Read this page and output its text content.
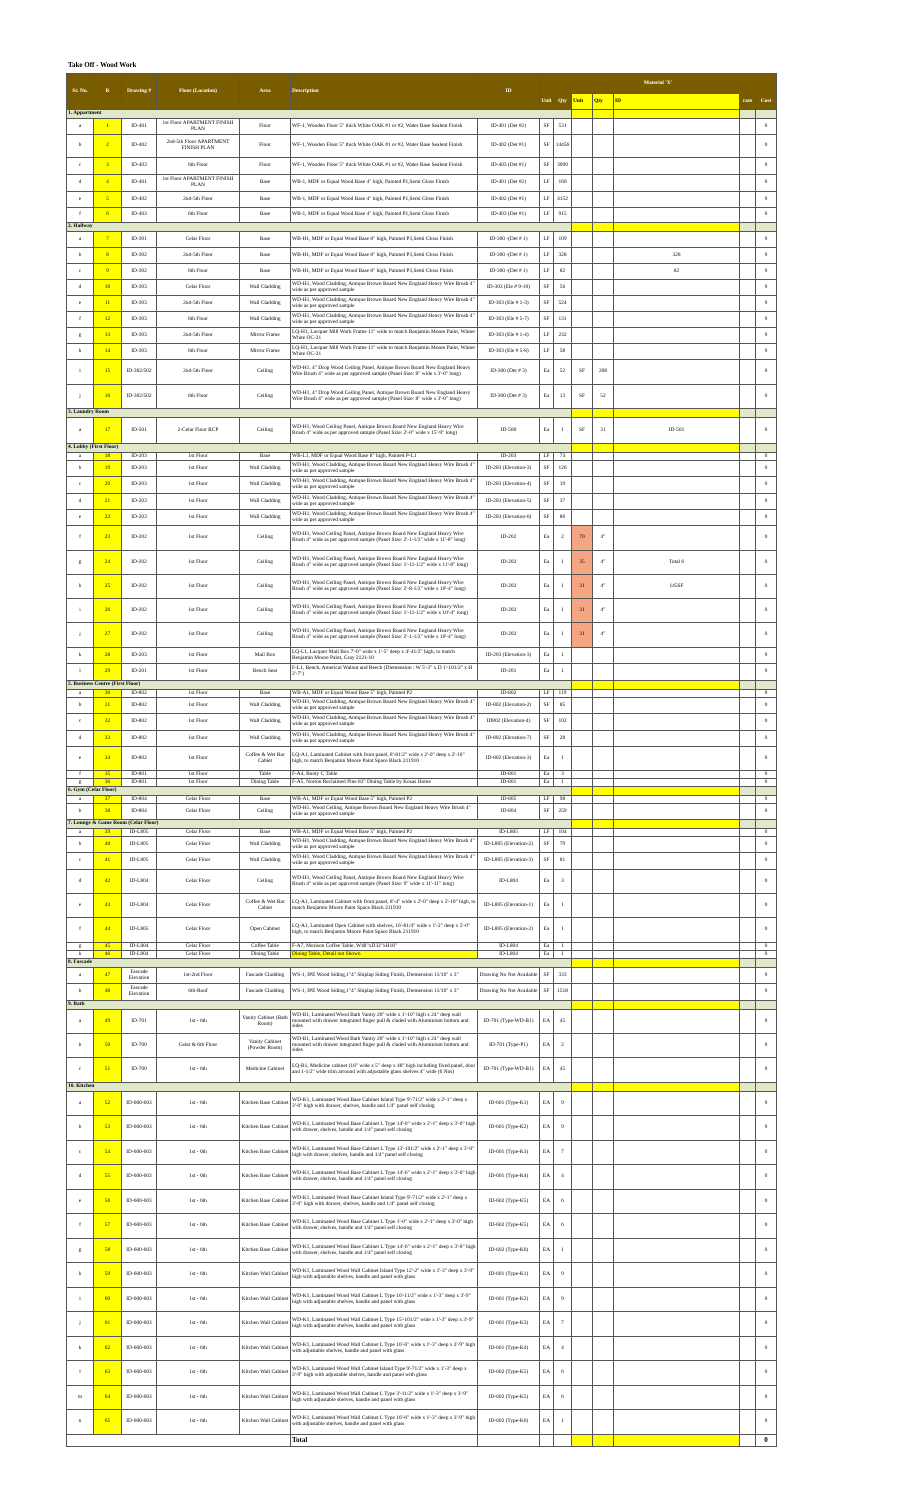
Take Off - Wood Work
Sr. No.	R	Drawing #	Floor (Location)	Area	Description	ID	Material 'X'						
							Unit	Qty	Unit	Qty	ID	rate	Cost
1. Appartment													
a	1	ID-401	1st Floor APARTMENT FINISH PLAN	Floor	WF-1, Wooden Floor 5" thick White OAK #1 or #2, Water Base Sealent Finish	ID-401 (Det #2)	SF	531					0
b	2	ID-402	2nd-5th Floor APARTMENT FINISH PLAN	Floor	WF-1, Wooden Floor 5" thick White OAK #1 or #2, Water Base Sealent Finish	ID-402 (Det #1)	SF	14456					0
c	3	ID-403	6th Floor	Floor	WF-1, Wooden Floor 5" thick White OAK #1 or #2, Water Base Sealent Finish	ID-403 (Det #1)	SF	3090					0
d	4	ID-401	1st Floor APARTMENT FINISH PLAN	Base	WB-1, MDF or Equal Wood Base 4" high, Painted P1,Semi Gloss Finish	ID-401 (Det #2)	LF	160					0
e	5	ID-402	2nd-5th Floor	Base	WB-1, MDF or Equal Wood Base 4" high, Painted P1,Semi Gloss Finish	ID-402 (Det #1)	LF	4152					0
f	6	ID-403	6th Floor	Base	WB-1, MDF or Equal Wood Base 4" high, Painted P1,Semi Gloss Finish	ID-403 (Det #1)	LF	915					0
2. Hallway													
a	7	ID-301	Celar Floor	Base	WB-H1, MDF or Equal Wood Base 8" high, Painted P3,Semi Gloss Finish	ID-300 -(Det # 1)	LF	109					0
b	8	ID-302	2nd-5th Floor	Base	WB-H1, MDF or Equal Wood Base 8" high, Painted P3,Semi Gloss Finish	ID-300 -(Det # 1)	LF	328			328		0
c	9	ID-302	6th Floor	Base	WB-H1, MDF or Equal Wood Base 8" high, Painted P3,Semi Gloss Finish	ID-300 -(Det # 1)	LF	82			82		0
d	10	ID-303	Celar Floor	Wall Cladding	WD-H1, Wood Cladding, Antique Brown Board New England Heavy Wire Brush 4" wide as per approved sample	ID-303 (Ele # 9-10)	SF	56					0
e	11	ID-303	2nd-5th Floor	Wall Cladding	WD-H1, Wood Cladding, Antique Brown Board New England Heavy Wire Brush 4" wide as per approved sample	ID-303 (Ele # 1-3)	SF	524					0
f	12	ID-303	6th Floor	Wall Cladding	WD-H1, Wood Cladding, Antique Brown Board New England Heavy Wire Brush 4" wide as per approved sample	ID-303 (Ele # 5-7)	SF	131					0
g	13	ID-303	2nd-5th Floor	Mirror Frame	LQ-H1, Lacquer Mill Work Frame 11" wide to match Benjamin Moore Paint, Winter White OC-21	ID-303 (Ele # 1-4)	LF	232					0
h	14	ID-303	6th Floor	Mirror Frame	LQ-H1, Lacquer Mill Work Frame 11" wide to match Benjamin Moore Paint, Winter White OC-21	ID-303 (Ele # 5-8)	LF	58					0
i	15	ID-302/502	2nd-5th Floor	Ceiling	WD-H1, 4" Drop Wood Ceiling Panel, Antique Brown Board New England Heavy Wire Brush 4" wide as per approved sample (Panel Size: 8" wide x 3'-0" long)	ID-300 (Det # 3)	Ea	52	SF	208			0
j	16	ID-302/502	6th Floor	Ceiling	WD-H1, 4" Drop Wood Ceiling Panel, Antique Brown Board New England Heavy Wire Brush 4" wide as per approved sample (Panel Size: 8" wide x 3'-0" long)	ID-300 (Det # 3)	Ea	13	SF	52			0
3. Laundry Room													
a	17	ID-501	2-Celar Floor RCP	Ceiling	WD-H1, Wood Ceiling Panel, Antique Brown Board New England Heavy Wire Brush 4" wide as per approved sample (Panel Size: 2'-0" wide x 15'-9" long)	ID-500	Ea	1	SF	31	ID-501		0
4. Lobby (First Floor)													
a	18	ID-203	1st Floor	Base	WB-L1, MDF or Equal Wood Base 8" high, Painted P-L1	ID-203	LF	74					0
b	19	ID-203	1st Floor	Wall Cladding	WD-H1, Wood Cladding, Antique Brown Board New England Heavy Wire Brush 4" wide as per approved sample	ID-203 (Elevation-3)	SF	126					0
c	20	ID-203	1st Floor	Wall Cladding	WD-H1, Wood Cladding, Antique Brown Board New England Heavy Wire Brush 4" wide as per approved sample	ID-203 (Elevation-4)	SF	19					0
d	21	ID-203	1st Floor	Wall Cladding	WD-H1, Wood Cladding, Antique Brown Board New England Heavy Wire Brush 4" wide as per approved sample	ID-203 (Elevation-5)	SF	37					0
e	22	ID-203	1st Floor	Wall Cladding	WD-H1, Wood Cladding, Antique Brown Board New England Heavy Wire Brush 4" wide as per approved sample	ID-203 (Elevation-6)	SF	86					0
f	23	ID-202	1st Floor	Ceiling	WD-H1, Wood Ceiling Panel, Antique Brown Board New England Heavy Wire Brush 4" wide as per approved sample (Panel Size: 2'-1-1/2" wide x 11'-8" long)	ID-202	Ea	2	70	4"			0
g	24	ID-202	1st Floor	Ceiling	WD-H1, Wood Ceiling Panel, Antique Brown Board New England Heavy Wire Brush 4" wide as per approved sample (Panel Size: 1'-11-1/2" wide x 11'-8" long)	ID-202	Ea	1	35	4"	Total 6		0
h	25	ID-202	1st Floor	Ceiling	WD-H1, Wood Ceiling Panel, Antique Brown Board New England Heavy Wire Brush 4" wide as per approved sample (Panel Size: 2'-8-1/2" wide x 10'-4" long)	ID-202	Ea	1	31	4"	145SF		0
i	26	ID-202	1st Floor	Ceiling	WD-H1, Wood Ceiling Panel, Antique Brown Board New England Heavy Wire Brush 4" wide as per approved sample (Panel Size: 1'-11-1/2" wide x 10'-4" long)	ID-202	Ea	1	31	4"			0
j	27	ID-202	1st Floor	Ceiling	WD-H1, Wood Ceiling Panel, Antique Brown Board New England Heavy Wire Brush 4" wide as per approved sample (Panel Size: 2'-1-1/2" wide x 10'-4" long)	ID-202	Ea	1	31	4"			0
k	28	ID-203	1st Floor	Mail Box	LQ-L1, Lacquer Mail Box 7'-0" wide x 1'-5" deep x 4'-41/2" high, to match Benjamin Moore Paint, Gray 2121-10	ID-203 (Elevation-3)	Ea	1					0
l	29	ID-201	1st Floor	Bench Seat	F-L1, Bench, Americal Walnut and Beech (Diemension : W 5'-3" x D 1'-101/2" x H 2'-7")	ID-201	Ea	1					0
5. Business Centre (First Floor)													
a	30	ID-802	1st Floor	Base	WB-A1, MDF or Equal Wood Base 5" high, Painted P2	ID-802	LF	119					0
b	31	ID-802	1st Floor	Wall Cladding	WD-H1, Wood Cladding, Antique Brown Board New England Heavy Wire Brush 4" wide as per approved sample	ID-802 (Elevation-2)	SF	85					0
c	32	ID-802	1st Floor	Wall Cladding	WD-H1, Wood Cladding, Antique Brown Board New England Heavy Wire Brush 4" wide as per approved sample	ID802 (Elevation-4)	SF	102					0
d	33	ID-802	1st Floor	Wall Cladding	WD-H1, Wood Cladding, Antique Brown Board New England Heavy Wire Brush 4" wide as per approved sample	ID-802 (Elevation-7)	SF	28					0
e	34	ID-802	1st Floor	Coffee & Wet Bar Cabiet	LQ-A1, Laminated Cabinet with front panel, 8'-81/2" wide x 2'-0" deep x 2'-10" high, to match Benjamin Moore Paint Space Black 211910	ID-802 (Elevation-3)	Ea	1					0
f	35	ID-801	1st Floor	Table	F-A4, Bunty C Table	ID-801	Ea	3					0
g	36	ID-801	1st Floor	Dining Table	F-A5, Norton Reclaimed Pine 83" Dining Table by Kosas Home	ID-801	Ea	1					0
6. Gym (Celar Floor)													
a	37	ID-804	Celar Floor	Base	WB-A1, MDF or Equal Wood Base 5" high, Painted P2	ID-805	LF	98					0
b	38	ID-804	Celar Floor	Ceiling	WD-H1, Wood Ceiling, Antique Brown Board New England Heavy Wire Brush 4" wide as per approved sample	ID-804	SF	259					0
7. Lounge & Game Room (Celar Floor)													
a	39	ID-L805	Celar Floor	Base	WB-A1, MDF or Equal Wood Base 5" high, Painted P2	ID-L805	LF	104					0
b	40	ID-L805	Celar Floor	Wall Cladding	WD-H1, Wood Cladding, Antique Brown Board New England Heavy Wire Brush 4" wide as per approved sample	ID-L805 (Elevation-2)	SF	79					0
c	41	ID-L805	Celar Floor	Wall Cladding	WD-H1, Wood Cladding, Antique Brown Board New England Heavy Wire Brush 4" wide as per approved sample	ID-L805 (Elevation-3)	SF	81					0
d	42	ID-L804	Celar Floor	Ceiling	WD-H1, Wood Ceiling Panel, Antique Brown Board New England Heavy Wire Brush 4" wide as per approved sample (Panel Size: 9" wide x 11'-11" long)	ID-L804	Ea	3					0
e	43	ID-L804	Celar Floor	Coffee & Wet Bar Cabiet	LQ-A1, Laminated Cabinet with front panel, 8'-4" wide x 2'-0" deep x 2'-10" high, to match Benjamin Moore Paint Space Black 211910	ID-L805 (Elevation-1)	Ea	1					0
f	44	ID-L805	Celar Floor	Open Cabinet	LQ-A1, Laminated Open Cabinet with shelves, 16'-81/4" wide x 1'-2" deep x 5'-0" high, to match Benjamin Moore Paint Space Black 211910	ID-L805 (Elevation-2)	Ea	1					0
g	45	ID-L804	Celar Floor	Coffee Table	F-A7, Morison Coffee Table, W48"xD32"xH18"	ID-L804	Ea	1					0
h	46	ID-L804	Celar Floor	Dining Table	Dining Table, Detail not Shown	ID-L804	Ea	1					0
8. Fascade													
a	47	Fascade Elevation	1st-2nd Floor	Fascade Cladding	WS-1, IPE Wood Siding,1"4" Shiplap Siding Finish, Diemension 11/16" x 3"	Drawing No Not Available	SF	333					0
b	48	Fascade Elevation	6th-Roof	Fascade Cladding	WS-1, IPE Wood Siding,1"4" Shiplap Siding Finish, Diemension 11/16" x 3"	Drawing No Not Available	SF	1518					0
9. Bath													
a	49	ID-701	1st - 6th	Vanity Cabinet (Bath Room)	WD-B1, Laminated Wood Bath Vanity 20" wide x 1'-10" high x 24" deep wall mounted with drawer integrated finger pull & claded with Aluminium bottom and sides	ID-701 (Type-WD-B1)	EA	45					0
b	50	ID-700	Celar & 6th Floor	Vanity Cabinet (Powder Room)	WD-B1, Laminated Wood Bath Vanity 20" wide x 1'-10" high x 24" deep wall mounted with drawer integrated finger pull & claded with Aluminium bottom and sides	ID-701 (Type-P1)	EA	2					0
c	51	ID-700	1st - 6th	Medicine Cabinet	LQ-B1, Medicine cabinet (18" wide x 5" deep x 48" high including fixed panel, door and 1-1/2" wide trim arround with adjustable glass shelves 4" wide (6 Nos)	ID-701 (Type-WD-B1)	EA	45					0
10. Kitchen													
a	52	ID-600-603	1st - 6th	Kitchen Base Cabinet	WD-K1, Laminated Wood Base Cabinet Island Type 9'-71/2" wide x 2'-1" deep x 3'-0" high with drawer, shelves, handle and 1/4" panel self closing	ID-601 (Type-K1)	EA	9					0
b	53	ID-600-603	1st - 6th	Kitchen Base Cabinet	WD-K1, Laminated Wood Base Cabinet L Type 14'-0" wide x 2'-1" deep x 3'-0" high with drawer, shelves, handle and 1/4" panel self closing	ID-601 (Type-K2)	EA	9					0
c	54	ID-600-603	1st - 6th	Kitchen Base Cabinet	WD-K1, Laminated Wood Base Cabinet L Type 13'-101/2" wide x 2'-1" deep x 3'-0" high with drawer, shelves, handle and 1/4" panel self closing	ID-601 (Type-K3)	EA	7					0
d	55	ID-600-603	1st - 6th	Kitchen Base Cabinet	WD-K1, Laminated Wood Base Cabinet L Type 14'-6" wide x 2'-1" deep x 3'-0" high with drawer, shelves, handle and 1/4" panel self closing	ID-601 (Type-K4)	EA	4					0
e	56	ID-600-603	1st - 6th	Kitchen Base Cabinet	WD-K1, Laminated Wood Base Cabinet Island Type 9'-71/2" wide x 2'-1" deep x 3'-0" high with drawer, shelves, handle and 1/4" panel self closing	ID-602 (Type-K5)	EA	6					0
f	57	ID-600-603	1st - 6th	Kitchen Base Cabinet	WD-K1, Laminated Wood Base Cabinet L Type 1'-0" wide x 2'-1" deep x 3'-0" high with drawer, shelves, handle and 1/4" panel self closing	ID-602 (Type-K5)	EA	6					0
g	58	ID-600-603	1st - 6th	Kitchen Base Cabinet	WD-K1, Laminated Wood Base Cabinet L Type 14'-6" wide x 2'-1" deep x 3'-0" high with drawer, shelves, handle and 1/4" panel self closing	ID-602 (Type-K6)	EA	1					0
h	59	ID-600-603	1st - 6th	Kitchen Wall Cabinet	WD-K1, Laminated Wood Wall Cabinet Island Type 12'-2" wide x 1'-3" deep x 3'-9" high with adjustable shelves, handle and panel with glass	ID-601 (Type-K1)	EA	9					0
i	60	ID-600-603	1st - 6th	Kitchen Wall Cabinet	WD-K1, Laminated Wood Wall Cabinet L Type 16'-11/2" wide x 1'-3" deep x 3'-9" high with adjustable shelves, handle and panel with glass	ID-601 (Type-K2)	EA	9					0
j	61	ID-600-603	1st - 6th	Kitchen Wall Cabinet	WD-K1, Laminated Wood Wall Cabinet L Type 15'-101/2" wide x 1'-3" deep x 3'-9" high with adjustable shelves, handle and panel with glass	ID-601 (Type-K3)	EA	7					0
k	62	ID-600-603	1st - 6th	Kitchen Wall Cabinet	WD-K1, Laminated Wood Wall Cabinet L Type 16'-6" wide x 1'-3" deep x 3'-9" high with adjustable shelves, handle and panel with glass	ID-601 (Type-K4)	EA	4					0
l	63	ID-600-603	1st - 6th	Kitchen Wall Cabinet	WD-K1, Laminated Wood Wall Cabinet Island Type 9'-71/2" wide x 1'-3" deep x 3'-9" high with adjustable shelves, handle and panel with glass	ID-602 (Type-K5)	EA	6					0
m	64	ID-600-603	1st - 6th	Kitchen Wall Cabinet	WD-K1, Laminated Wood Wall Cabinet L Type 3'-11/2" wide x 1'-3" deep x 3'-9" high with adjustable shelves, handle and panel with glass	ID-602 (Type-K5)	EA	6					0
n	65	ID-600-603	1st - 6th	Kitchen Wall Cabinet	WD-K1, Laminated Wood Wall Cabinet L Type 16'-6" wide x 1'-3" deep x 3'-9" high with adjustable shelves, handle and panel with glass	ID-602 (Type-K6)	EA	1					0
					Total								0
